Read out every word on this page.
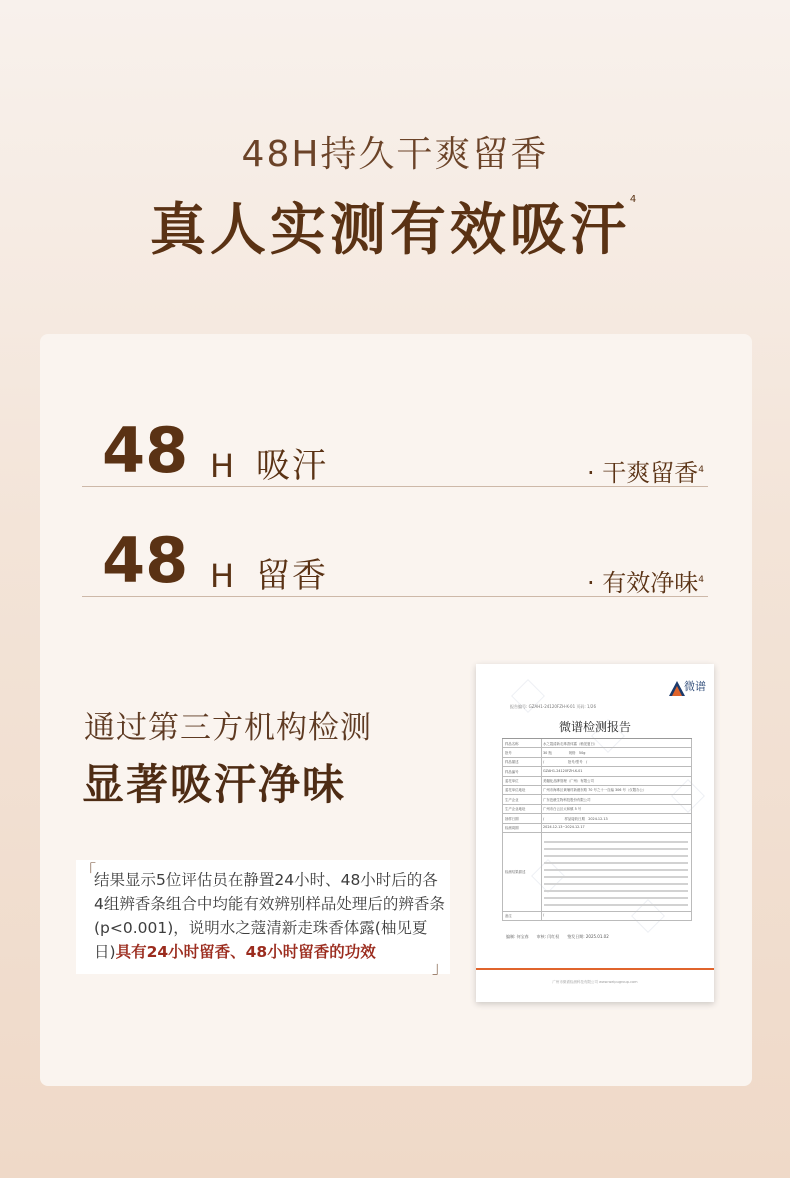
48H持久干爽留香
真人实测有效吸汗$^4$
48 H 吸汗	· 干爽留香$^4$
48 H 留香	· 有效净味$^4$
通过第三方机构检测
显著吸汗净味
「
结果显示5位评估员在静置24小时、48小时后的各4组辨香条组合中均能有效辨别样品处理后的辨香条(p<0.001)，说明水之蔻清新走珠香体露(柚见夏日)具有24小时留香、48小时留香的功效
」
微谱
报告编号: GZAH1-24120FZH-K-01 页码: 1/26
微谱检测报告
样品名称	水之蔻清新走珠香体露（柚见夏日）
批号	30 瓶　　　　　规格　50g
样品描述	/　　　　　　　批号/型号　/
样品编号	GZAH1-24120FZH-K-01
委托单位	美樾化品牌管理（广州）有限公司
委托单位地址	广州市海珠区黄埔村新港东路 70 号之十一自编 306 号（仅限办公）
生产企业	广东芭薇生物科技股份有限公司
生产企业地址	广州市白云区太和镇 5 号
抽样日期	/　　　　　　样品接收日期　2024.12.13
检测周期	2024.12.13~2024.12.17
检测结果描述
备注	/
编制: 何宝春　　审核: 闫红权　　签发日期: 2025.01.02
广州市微谱检测科技有限公司 www.weipugroup.com
